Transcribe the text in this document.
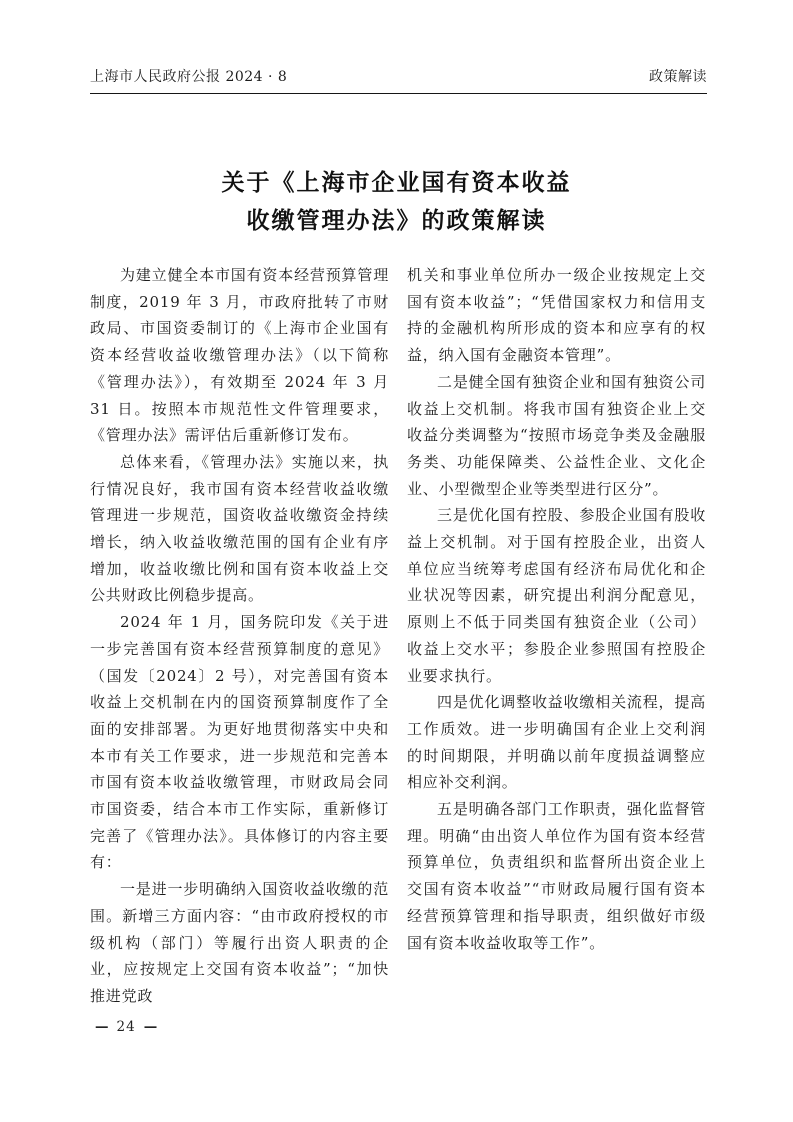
上海市人民政府公报 2024 · 8	政策解读
关于《上海市企业国有资本收益
收缴管理办法》的政策解读

为建立健全本市国有资本经营预算管理制度，2019 年 3 月，市政府批转了市财政局、市国资委制订的《上海市企业国有资本经营收益收缴管理办法》（以下简称《管理办法》），有效期至 2024 年 3 月 31 日。按照本市规范性文件管理要求，《管理办法》需评估后重新修订发布。

总体来看，《管理办法》实施以来，执行情况良好，我市国有资本经营收益收缴管理进一步规范，国资收益收缴资金持续增长，纳入收益收缴范围的国有企业有序增加，收益收缴比例和国有资本收益上交公共财政比例稳步提高。

2024 年 1 月，国务院印发《关于进一步完善国有资本经营预算制度的意见》（国发〔2024〕2 号），对完善国有资本收益上交机制在内的国资预算制度作了全面的安排部署。为更好地贯彻落实中央和本市有关工作要求，进一步规范和完善本市国有资本收益收缴管理，市财政局会同市国资委，结合本市工作实际，重新修订完善了《管理办法》。具体修订的内容主要有：

一是进一步明确纳入国资收益收缴的范围。新增三方面内容：“由市政府授权的市级机构（部门）等履行出资人职责的企业，应按规定上交国有资本收益”；“加快推进党政

机关和事业单位所办一级企业按规定上交国有资本收益”；“凭借国家权力和信用支持的金融机构所形成的资本和应享有的权益，纳入国有金融资本管理”。

二是健全国有独资企业和国有独资公司收益上交机制。将我市国有独资企业上交收益分类调整为“按照市场竞争类及金融服务类、功能保障类、公益性企业、文化企业、小型微型企业等类型进行区分”。

三是优化国有控股、参股企业国有股收益上交机制。对于国有控股企业，出资人单位应当统筹考虑国有经济布局优化和企业状况等因素，研究提出利润分配意见，原则上不低于同类国有独资企业（公司）收益上交水平；参股企业参照国有控股企业要求执行。

四是优化调整收益收缴相关流程，提高工作质效。进一步明确国有企业上交利润的时间期限，并明确以前年度损益调整应相应补交利润。

五是明确各部门工作职责，强化监督管理。明确“由出资人单位作为国有资本经营预算单位，负责组织和监督所出资企业上交国有资本收益”“市财政局履行国有资本经营预算管理和指导职责，组织做好市级国有资本收益收取等工作”。

— 24 —
